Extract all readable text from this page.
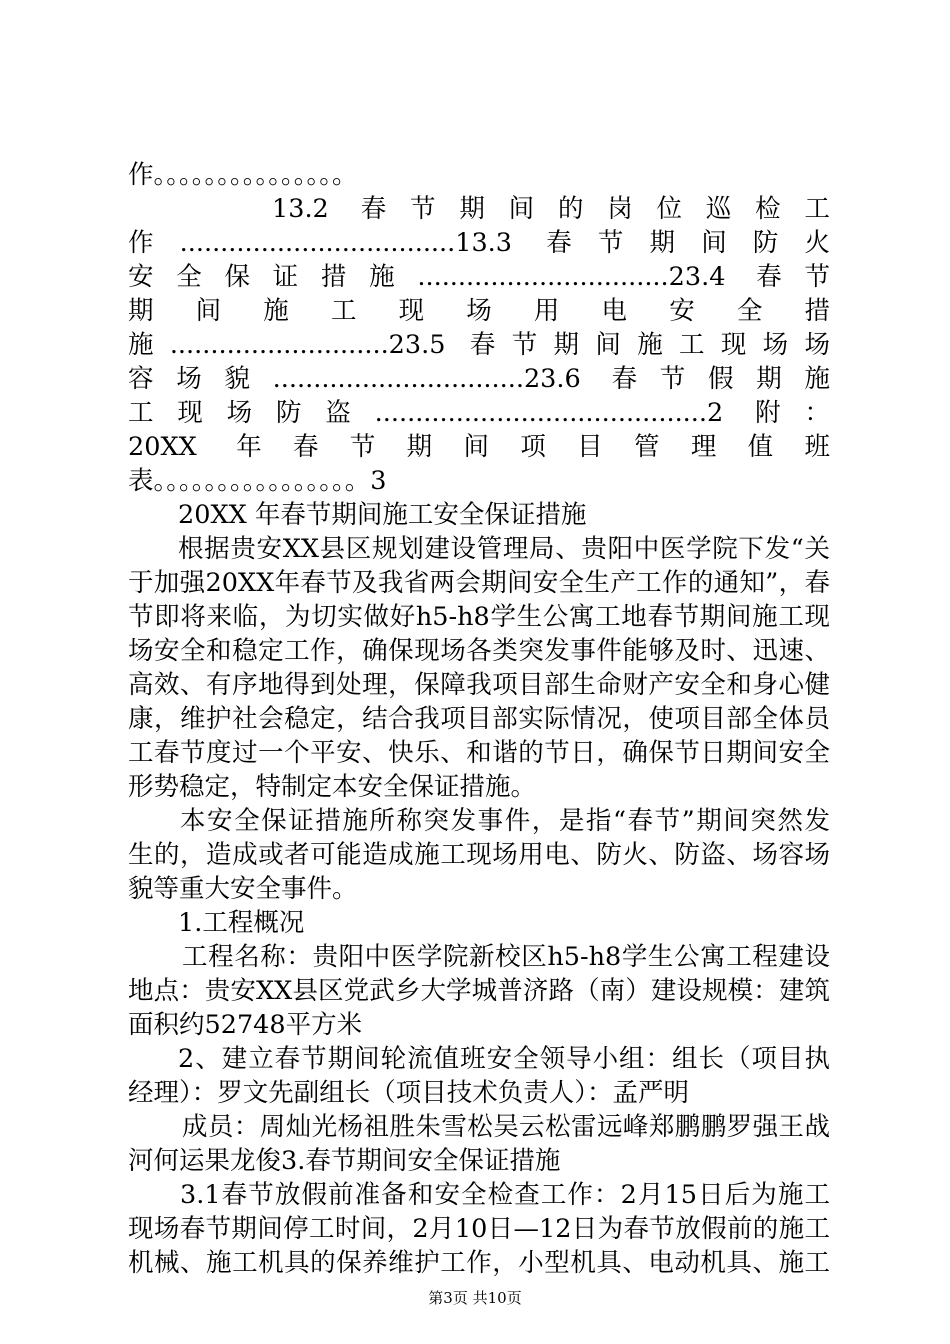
作。。。。。。。。。。。。。。。
13.2 春节期间的岗位巡检工
作..................................13.3 春节期间防火
安全保证措施...............................23.4 春节
期间施工现场用电安全措
施...........................23.5 春节期间施工现场场
容场貌...............................23.6 春节假期施
工现场防盗.........................................2 附：
20XX 年春节期间项目管理值班
表。。。。。。。。。。。。。。。。3
20XX 年春节期间施工安全保证措施
根据贵安XX县区规划建设管理局、贵阳中医学院下发“关
于加强20XX年春节及我省两会期间安全生产工作的通知”，春
节即将来临，为切实做好h5-h8学生公寓工地春节期间施工现
场安全和稳定工作，确保现场各类突发事件能够及时、迅速、
高效、有序地得到处理，保障我项目部生命财产安全和身心健
康，维护社会稳定，结合我项目部实际情况，使项目部全体员
工春节度过一个平安、快乐、和谐的节日，确保节日期间安全
形势稳定，特制定本安全保证措施。
本安全保证措施所称突发事件，是指“春节”期间突然发
生的，造成或者可能造成施工现场用电、防火、防盗、场容场
貌等重大安全事件。
1.工程概况
工程名称：贵阳中医学院新校区h5-h8学生公寓工程建设
地点：贵安XX县区党武乡大学城普济路（南）建设规模：建筑
面积约52748平方米
2、建立春节期间轮流值班安全领导小组：组长（项目执
经理）：罗文先副组长（项目技术负责人）：孟严明
成员：周灿光杨祖胜朱雪松吴云松雷远峰郑鹏鹏罗强王战
河何运果龙俊3.春节期间安全保证措施
3.1春节放假前准备和安全检查工作：2月15日后为施工
现场春节期间停工时间，2月10日—12日为春节放假前的施工
机械、施工机具的保养维护工作，小型机具、电动机具、施工
第3页 共10页
